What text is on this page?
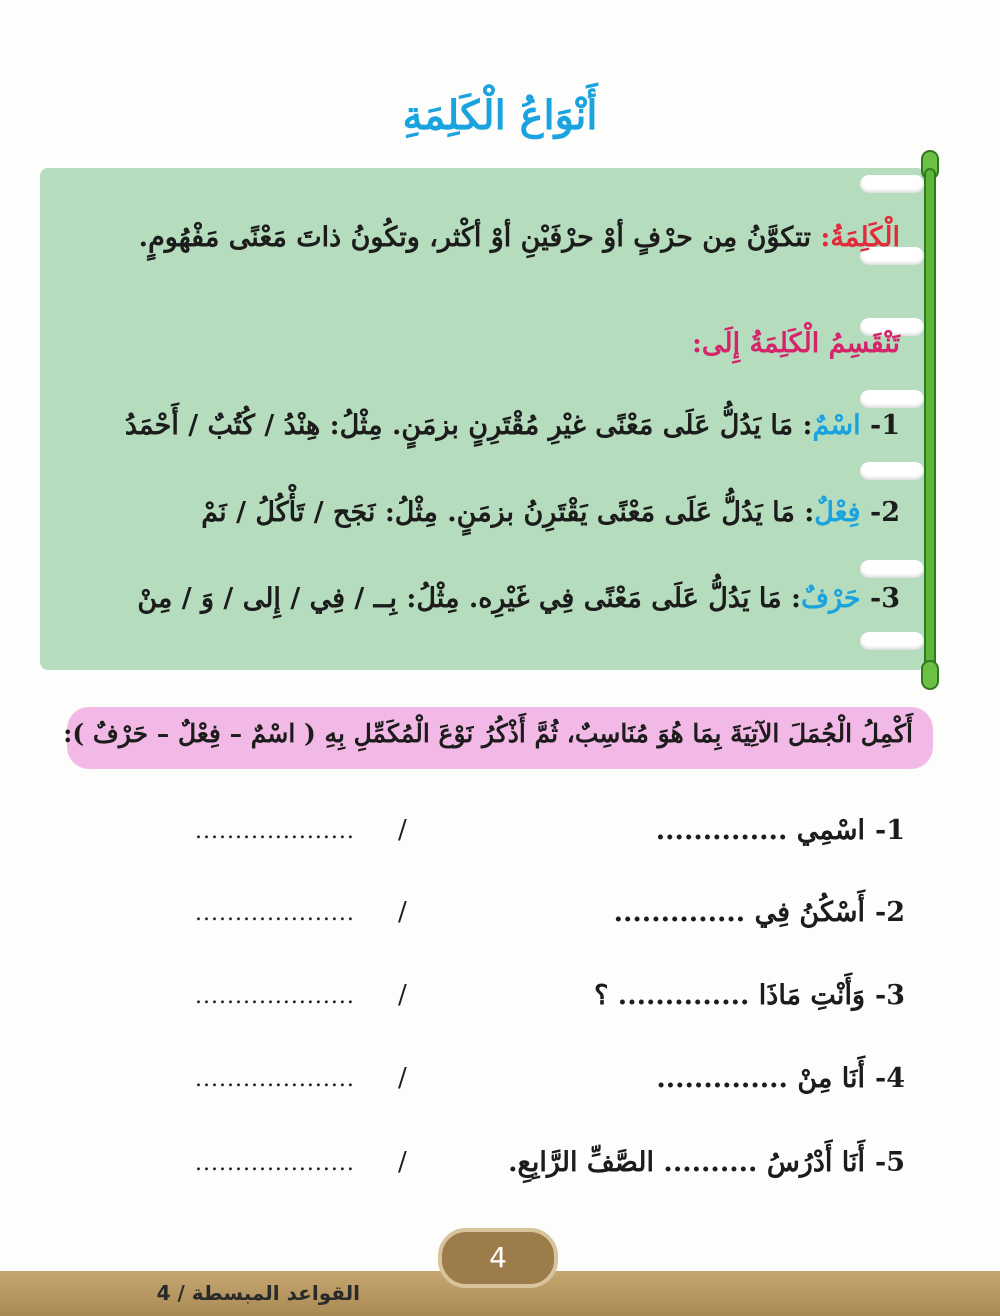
أَنْوَاعُ الْكَلِمَةِ
الْكَلِمَةُ: تتكوَّنُ مِن حرْفٍ أوْ حرْفَيْنِ أوْ أكْثر، وتكُونُ ذاتَ مَعْنًى مَفْهُومٍ.
تَنْقَسِمُ الْكَلِمَةُ إِلَى:
1- اسْمٌ: مَا يَدُلُّ عَلَى مَعْنًى غيْرِ مُقْتَرِنٍ بزمَنٍ. مِثْلُ: هِنْدُ / كُتُبٌ / أَحْمَدُ
2- فِعْلٌ: مَا يَدُلُّ عَلَى مَعْنًى يَقْتَرِنُ بزمَنٍ. مِثْلُ: نَجَح / تَأْكُلُ / نَمْ
3- حَرْفٌ: مَا يَدُلُّ عَلَى مَعْنًى فِي غَيْرِه. مِثْلُ: بِــ / فِي / إِلى / وَ / مِنْ
أَكْمِلُ الْجُمَلَ الآتِيَةَ بِمَا هُوَ مُنَاسِبٌ، ثُمَّ أَذْكُرُ نَوْعَ الْمُكَمِّلِ بِهِ ( اسْمٌ – فِعْلٌ – حَرْفٌ ):
1-
اسْمِي ..............
/
....................
2-
أَسْكُنُ فِي ..............
/
....................
3-
وَأَنْتِ مَاذَا .............. ؟
/
....................
4-
أَنَا مِنْ ..............
/
....................
5-
أَنَا أَدْرُسُ .......... الصَّفِّ الرَّابِعِ.
/
....................
4
القواعد المبسطة / 4
